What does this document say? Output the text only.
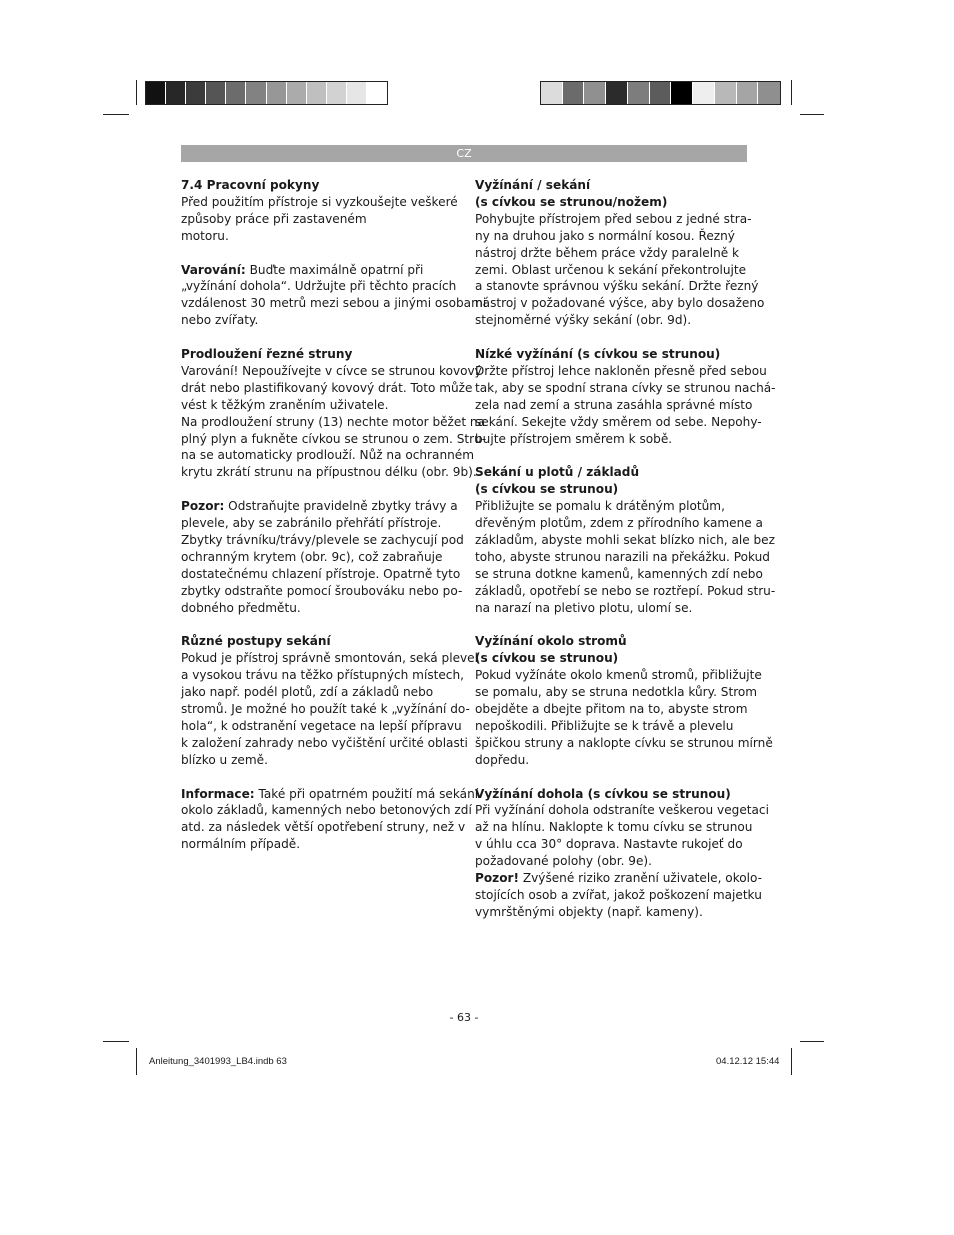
CZ

7.4 Pracovní pokyny
Před použitím přístroje si vyzkoušejte veškeré
způsoby práce při zastaveném
motoru.

Varování: Buďte maximálně opatrní při
„vyžínání dohola“. Udržujte při těchto pracích
vzdálenost 30 metrů mezi sebou a jinými osobami
nebo zvířaty.

Prodloužení řezné struny
Varování! Nepoužívejte v cívce se strunou kovový
drát nebo plastifikovaný kovový drát. Toto může
vést k těžkým zraněním uživatele.
Na prodloužení struny (13) nechte motor běžet na
plný plyn a fukněte cívkou se strunou o zem. Stru-
na se automaticky prodlouží. Nůž na ochranném
krytu zkrátí strunu na přípustnou délku (obr. 9b).

Pozor: Odstraňujte pravidelně zbytky trávy a
plevele, aby se zabránilo přehřátí přístroje.
Zbytky trávníku/trávy/plevele se zachycují pod
ochranným krytem (obr. 9c), což zabraňuje
dostatečnému chlazení přístroje. Opatrně tyto
zbytky odstraňte pomocí šroubováku nebo po-
dobného předmětu.

Různé postupy sekání
Pokud je přístroj správně smontován, seká plevel
a vysokou trávu na těžko přístupných místech,
jako např. podél plotů, zdí a základů nebo
stromů. Je možné ho použít také k „vyžínání do-
hola“, k odstranění vegetace na lepší přípravu
k založení zahrady nebo vyčištění určité oblasti
blízko u země.

Informace: Také při opatrném použití má sekání
okolo základů, kamenných nebo betonových zdí
atd. za následek větší opotřebení struny, než v
normálním případě.

Vyžínání / sekání
(s cívkou se strunou/nožem)
Pohybujte přístrojem před sebou z jedné stra-
ny na druhou jako s normální kosou. Řezný
nástroj držte během práce vždy paralelně k
zemi. Oblast určenou k sekání překontrolujte
a stanovte správnou výšku sekání. Držte řezný
nástroj v požadované výšce, aby bylo dosaženo
stejnoměrné výšky sekání (obr. 9d).

Nízké vyžínání (s cívkou se strunou)
Držte přístroj lehce nakloněn přesně před sebou
tak, aby se spodní strana cívky se strunou nachá-
zela nad zemí a struna zasáhla správné místo
sekání. Sekejte vždy směrem od sebe. Nepohy-
bujte přístrojem směrem k sobě.

Sekání u plotů / základů
(s cívkou se strunou)
Přibližujte se pomalu k drátěným plotům,
dřevěným plotům, zdem z přírodního kamene a
základům, abyste mohli sekat blízko nich, ale bez
toho, abyste strunou narazili na překážku. Pokud
se struna dotkne kamenů, kamenných zdí nebo
základů, opotřebí se nebo se roztřepí. Pokud stru-
na narazí na pletivo plotu, ulomí se.

Vyžínání okolo stromů
(s cívkou se strunou)
Pokud vyžínáte okolo kmenů stromů, přibližujte
se pomalu, aby se struna nedotkla kůry. Strom
obejděte a dbejte přitom na to, abyste strom
nepoškodili. Přibližujte se k trávě a plevelu
špičkou struny a naklopte cívku se strunou mírně
dopředu.

Vyžínání dohola (s cívkou se strunou)
Při vyžínání dohola odstraníte veškerou vegetaci
až na hlínu. Naklopte k tomu cívku se strunou
v úhlu cca 30° doprava. Nastavte rukojeť do
požadované polohy (obr. 9e).
Pozor! Zvýšené riziko zranění uživatele, okolo-
stojících osob a zvířat, jakož poškození majetku
vymrštěnými objekty (např. kameny).

- 63 -
Anleitung_3401993_LB4.indb 63	04.12.12 15:44
